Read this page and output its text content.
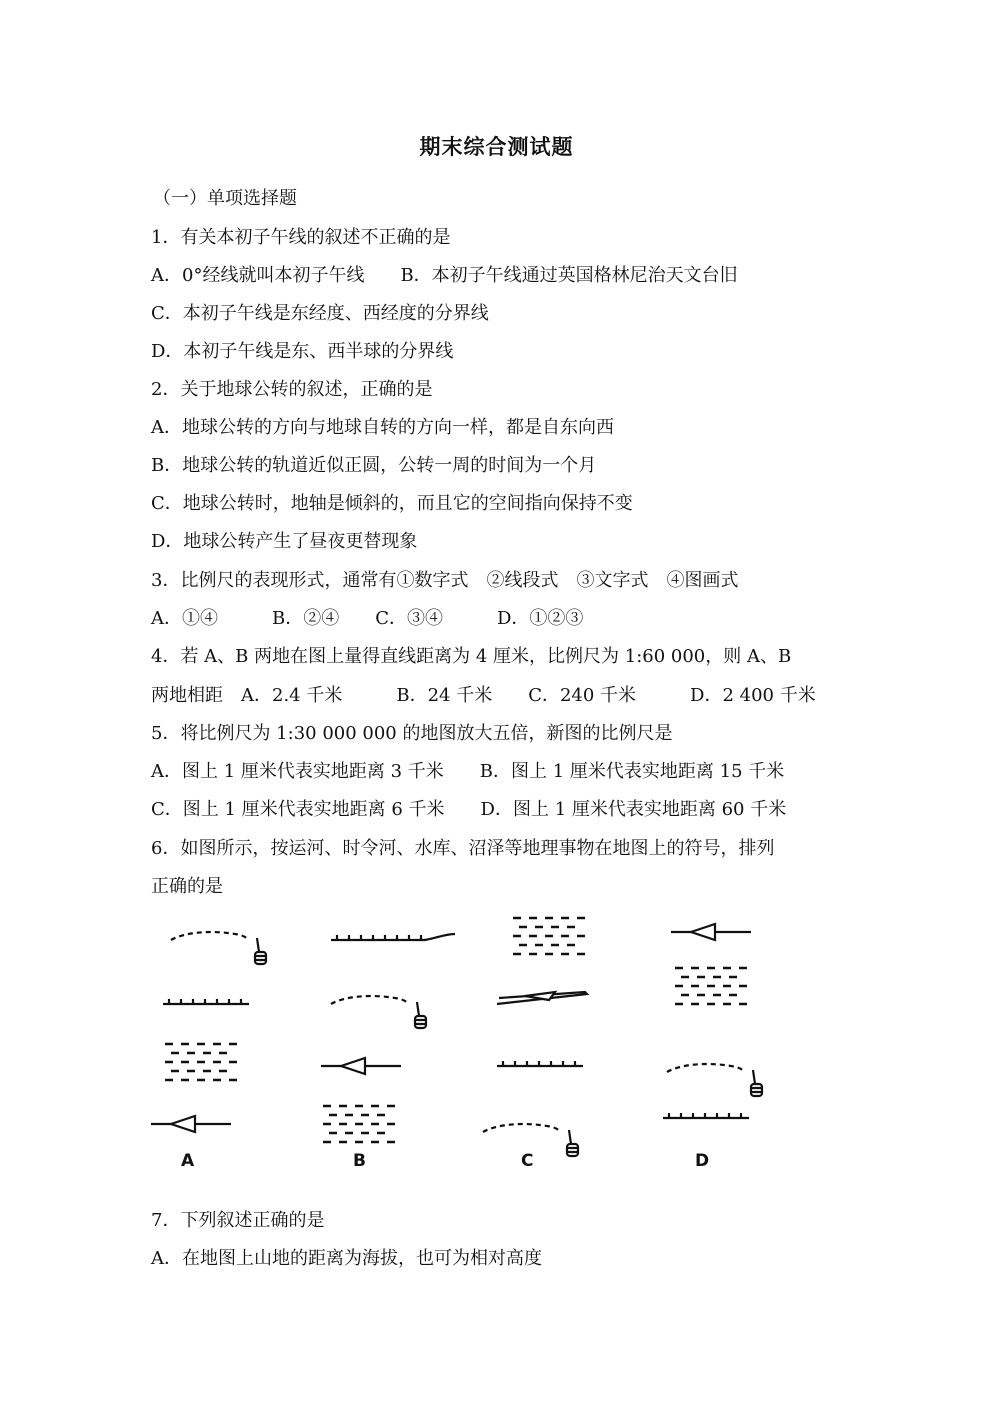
期末综合测试题
（一）单项选择题
1．有关本初子午线的叙述不正确的是
A．0°经线就叫本初子午线　　B．本初子午线通过英国格林尼治天文台旧
C．本初子午线是东经度、西经度的分界线
D．本初子午线是东、西半球的分界线
2．关于地球公转的叙述，正确的是
A．地球公转的方向与地球自转的方向一样，都是自东向西
B．地球公转的轨道近似正圆，公转一周的时间为一个月
C．地球公转时，地轴是倾斜的，而且它的空间指向保持不变
D．地球公转产生了昼夜更替现象
3．比例尺的表现形式，通常有①数字式　②线段式　③文字式　④图画式
A．①④　　　B．②④　　C．③④　　　D．①②③
4．若 A、B 两地在图上量得直线距离为 4 厘米，比例尺为 1:60 000，则 A、B
两地相距　A．2.4 千米　　　B．24 千米　　C．240 千米　　　D．2 400 千米
5．将比例尺为 1:30 000 000 的地图放大五倍，新图的比例尺是
A．图上 1 厘米代表实地距离 3 千米　　B．图上 1 厘米代表实地距离 15 千米
C．图上 1 厘米代表实地距离 6 千米　　D．图上 1 厘米代表实地距离 60 千米
6．如图所示，按运河、时令河、水库、沼泽等地理事物在地图上的符号，排列
正确的是
A	B	C	D
7．下列叙述正确的是
A．在地图上山地的距离为海拔，也可为相对高度
